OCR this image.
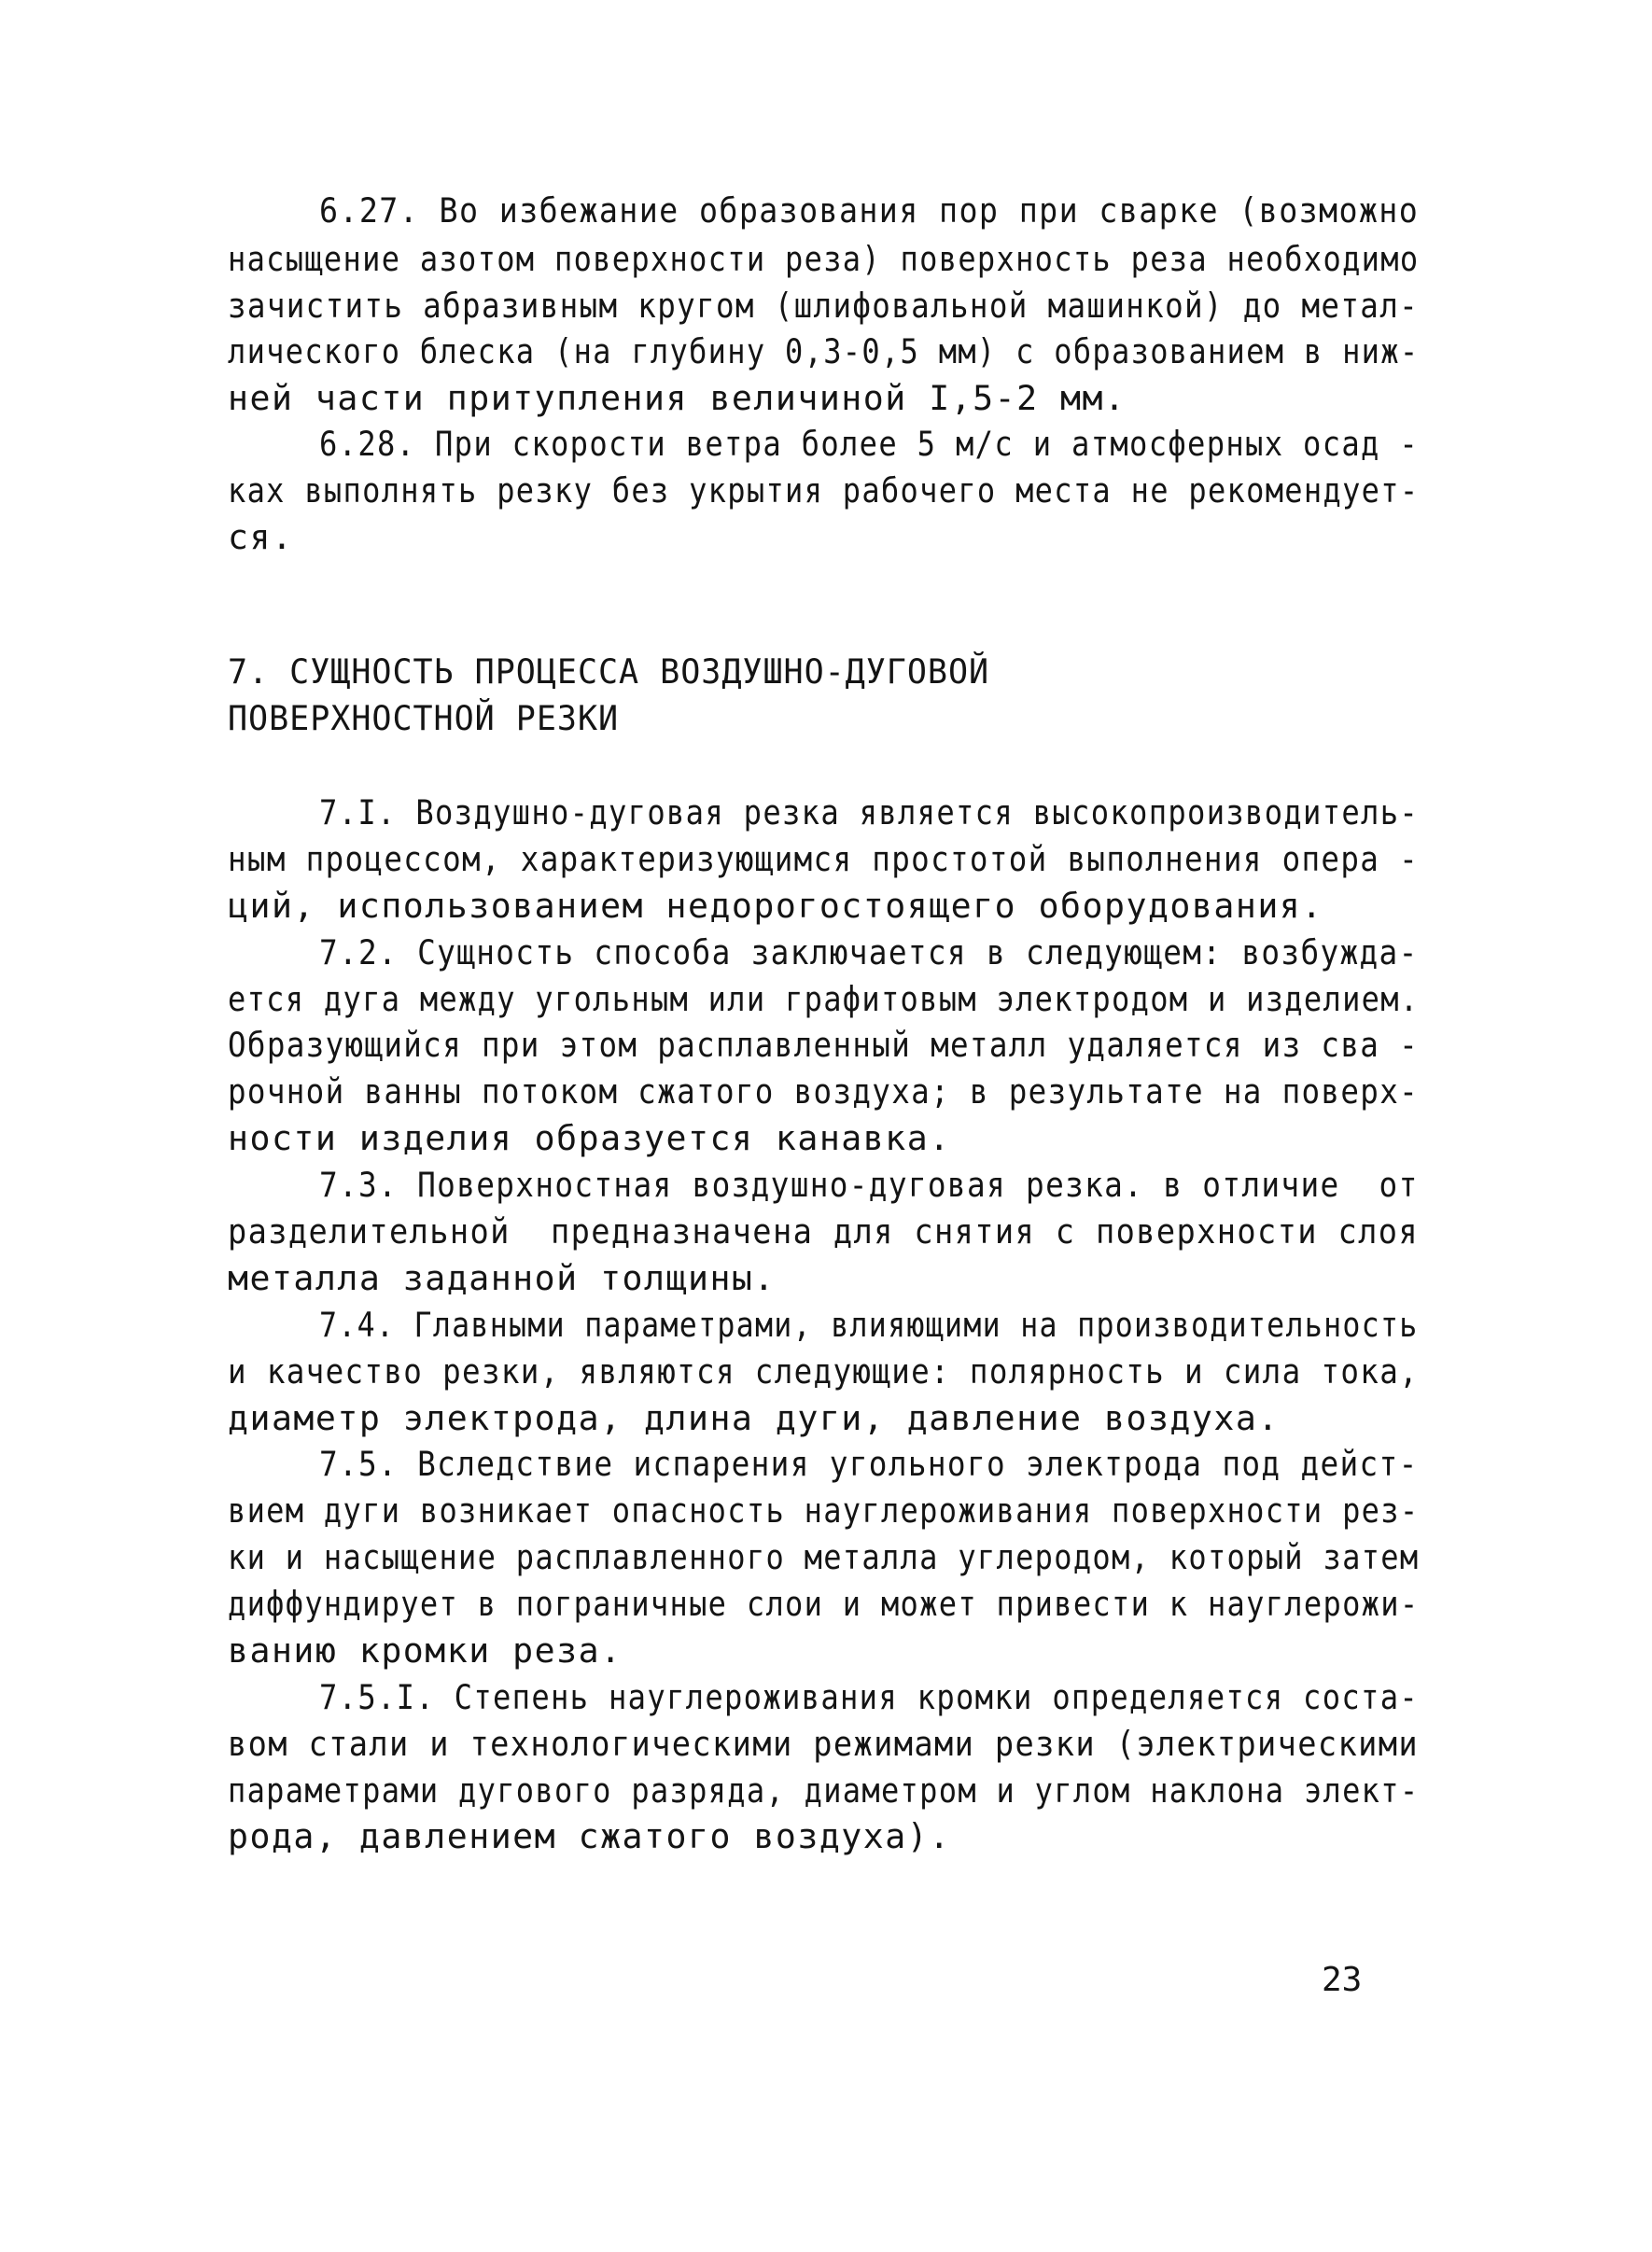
6.27. Во избежание образования пор при сварке (возможно
насыщение азотом поверхности реза) поверхность реза необходимо
зачистить абразивным кругом (шлифовальной машинкой) до метал-
лического блеска (на глубину 0,3-0,5 мм) с образованием в ниж-
ней части притупления величиной I,5-2 мм.
6.28. При скорости ветра более 5 м/с и атмосферных осад -
ках выполнять резку без укрытия рабочего места не рекомендует-
ся.
7. СУЩНОСТЬ ПРОЦЕССА ВОЗДУШНО-ДУГОВОЙ
ПОВЕРХНОСТНОЙ РЕЗКИ
7.I. Воздушно-дуговая резка является высокопроизводитель-
ным процессом, характеризующимся простотой выполнения опера -
ций, использованием недорогостоящего оборудования.
7.2. Сущность способа заключается в следующем: возбужда-
ется дуга между угольным или графитовым электродом и изделием.
Образующийся при этом расплавленный металл удаляется из сва -
рочной ванны потоком сжатого воздуха; в результате на поверх-
ности изделия образуется канавка.
7.3. Поверхностная воздушно-дуговая резка. в отличие  от
разделительной  предназначена для снятия с поверхности слоя
металла заданной толщины.
7.4. Главными параметрами, влияющими на производительность
и качество резки, являются следующие: полярность и сила тока,
диаметр электрода, длина дуги, давление воздуха.
7.5. Вследствие испарения угольного электрода под дейст-
вием дуги возникает опасность науглероживания поверхности рез-
ки и насыщение расплавленного металла углеродом, который затем
диффундирует в пограничные слои и может привести к науглерожи-
ванию кромки реза.
7.5.I. Степень науглероживания кромки определяется соста-
вом стали и технологическими режимами резки (электрическими
параметрами дугового разряда, диаметром и углом наклона элект-
рода, давлением сжатого воздуха).
23
